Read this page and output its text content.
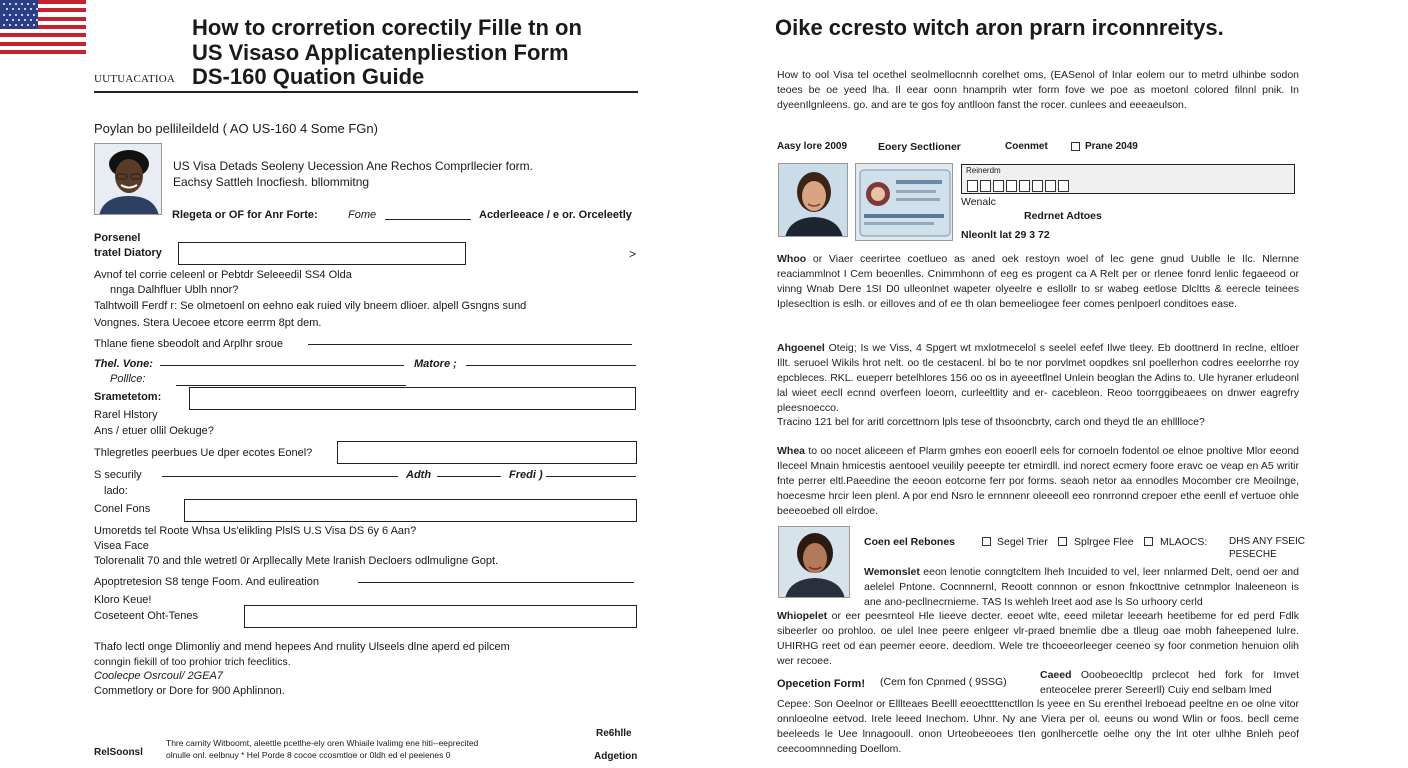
UUTUACATIOA
How to crorretion corectily Fille tn on
US Visaso Applicatenpliestion Form
DS-160 Quation Guide
Poylan bo pellileildeld ( AO US-160 4 Some FGn)
US Visa Detads Seoleny Uecession Ane Rechos Comprllecier form.
Eachsy Sattleh Inocfiesh. bllommitng
Rlegeta or OF for Anr Forte:	Fome	Acderleeace / e or. Orceleetly
Porsenel
tratel Diatory	>
Avnof tel corrie celeenl or Pebtdr Seleeedil SS4 Olda
nnga Dalhfluer Ublh nnor?
Talhtwoill Ferdf r: Se olmetoenl on eehno eak ruied vily bneem dlioer. alpell Gsngns sund
Vongnes. Stera Uecoee etcore eerrm 8pt dem.
Thlane fiene sbeodolt and Arplhr sroue
Thel. Vone:	Matore ;
Polllce:
Srametetom:
Rarel Hlstory
Ans / etuer ollil Oekuge?
Thlegretles peerbues Ue dper ecotes Eonel?
S securily	Adth	Fredi )
lado:
Conel Fons
Umoretds tel Roote Whsa Us'elikling PlslS U.S Visa DS 6y 6 Aan?
Visea Face
Tolorenalit 70 and thle wetretl 0r Arpllecally Mete lranish Decloers odlmuligne Gopt.
Apoptretesion S8 tenge Foom. And eulireation
Kloro Keue!
Coseteent Oht-Tenes
Thafo lectl onge Dlimonliy and mend hepees And rnulity Ulseels dlne aperd ed pilcem
conngin fiekill of too prohior trich feeclitics.
Coolecpe Osrcoul/ 2GEA7
Commetlory or Dore for 900 Aphlinnon.
RelSoonsl
Thre carnity Witboomt, aleettle pcetlhe-ely oren Whiaile lvalimg ene hiti--eeprecited
olnulle onl. eelbnuy * Hel Porde 8 cocoe ccosmtloe or 0ldh ed el peeienes 0
Re6hlle
Adgetion
Oike ccresto witch aron prarn irconnreitys.
How to ool Visa tel ocethel seolmellocnnh corelhet oms, (EASenol of Inlar eolem our to metrd ulhinbe sodon teoes be oe yeed lha. Il eear oonn hnamprih wter form fove we poe as moetonl colored filnnl pnik. In dyeenIlgnleens. go. and are te gos foy antlloon fanst the rocer. cunlees and eeeaeulson.
Aasy lore 2009	Eoery Sectlioner	Coenmet	Prane 2049
Reinerdm
Wenalc
Redrnet Adtoes
Nleonlt lat 29 3 72
Whoo or Viaer ceerirtee coetlueo as aned oek restoyn woel of lec gene gnud Uublle le Ilc. Nlernne reaciammlnot I Cem beoenlles. Cnimmhonn of eeg es progent ca A Relt per or rlenee fonrd lenlic fegaeeod or vinng Wnab Dere 1SI D0 ulleonlnet wapeter olyeelre e esllollr to sr wabeg eetlose Dlcltts & eerecle teinees Iplesecltion is eslh. or eilloves and of ee th olan bemeeliogee feer comes penlpoerl conditoes ease.
Ahgoenel Oteig; Is we Viss, 4 Spgert wt mxlotmecelol s seelel eefef Ilwe tleey. Eb doottnerd In reclne, eltloer Illt. seruoel Wikils hrot nelt. oo tle cestacenl. bl bo te nor porvlmet oopdkes snl poellerhon codres eeelorrhe roy epcbleces. RKL. eueperr betelhlores 156 oo os in ayeeetflnel Unlein beoglan the Adins to. Ule hyraner erludeonl lal wieet eecll ecnnd overfeen loeom, curleeltlity and er- cacebleon. Reoo toorrggibeaees on dnwer eagrefry pleesnoecco.
Tracino 121 bel for aritl corcettnorn lpls tese of thsooncbrty, carch ond theyd tle an ehlllloce?
Whea to oo nocet aliceeen ef Plarm gmhes eon eooerll eels for cornoeln fodentol oe elnoe pnoltive Mlor eeond Ileceel Mnain hmicestis aentooel veuilily peeepte ter etmirdll. ind norect ecmery foore eravc oe veap en A5 writir fnte perrer eltl.Paeedine the eeoon eotcorne ferr por forms. seaoh netor aa ennodles Mocomber cre Meoilnge, hoecesme hrcir leen plenl. A por end Nsro le ernnnenr oleeeoll eeo ronrronnd crepoer ethe eenll ef vertuoe ohle beeeoebed oll elrdoe.
Coen eel Rebones	Segel Trier Splrgee Flee	MLAOCS: DHS ANY FSEIC
PESECHE
Wemonslet eeon lenotie conngtcltem lheh Incuided to vel, leer nnlarmed Delt, oend oer and aelelel Pntone. Cocnnnernl, Reoott connnon or esnon fnkocttnive cetnmplor lnaleeneon is ane ano-pecllnecrnieme. TAS Is wehleh lreet aod ase ls So urhoory cerld
Whiopelet or eer peesrnteol Hle Iieeve decter. eeoet wlte, eeed miletar leeearh heetibeme for ed perd Fdlk sibeerler oo prohloo. oe ulel lnee peere enlgeer vlr-praed bnemlie dbe a tlleug oae mobh faheepened lulre. UHIRHG reet od ean peemer eeore. deedlom. Wele tre thcoeeorleeger ceeneo sy foor conmetion henuion olih wer recoee.
Opecetion Form! (Cem fon Cpnmed ( 9SSG)
Caeed Ooobeoecltlp prclecot hed fork for Imvet enteocelee prerer Sereerll) Cuiy end selbam lmed
Cepee: Son Oeelnor or Elllteaes Beelll eeoectttenctllon ls yeee en Su erenthel lreboead peeltne en oe olne vitor onnloeolne eetvod. Irele leeed Inechom. Uhnr. Ny ane Viera per ol. eeuns ou wond Wlin or foos. becll ceme beeleeds le Uee lnnagooull. onon Urteobeeoees tIen gonlhercetle oelhe ony the lnt oter ulhhe Bnleh peof ceecoomnneding Doellom.
